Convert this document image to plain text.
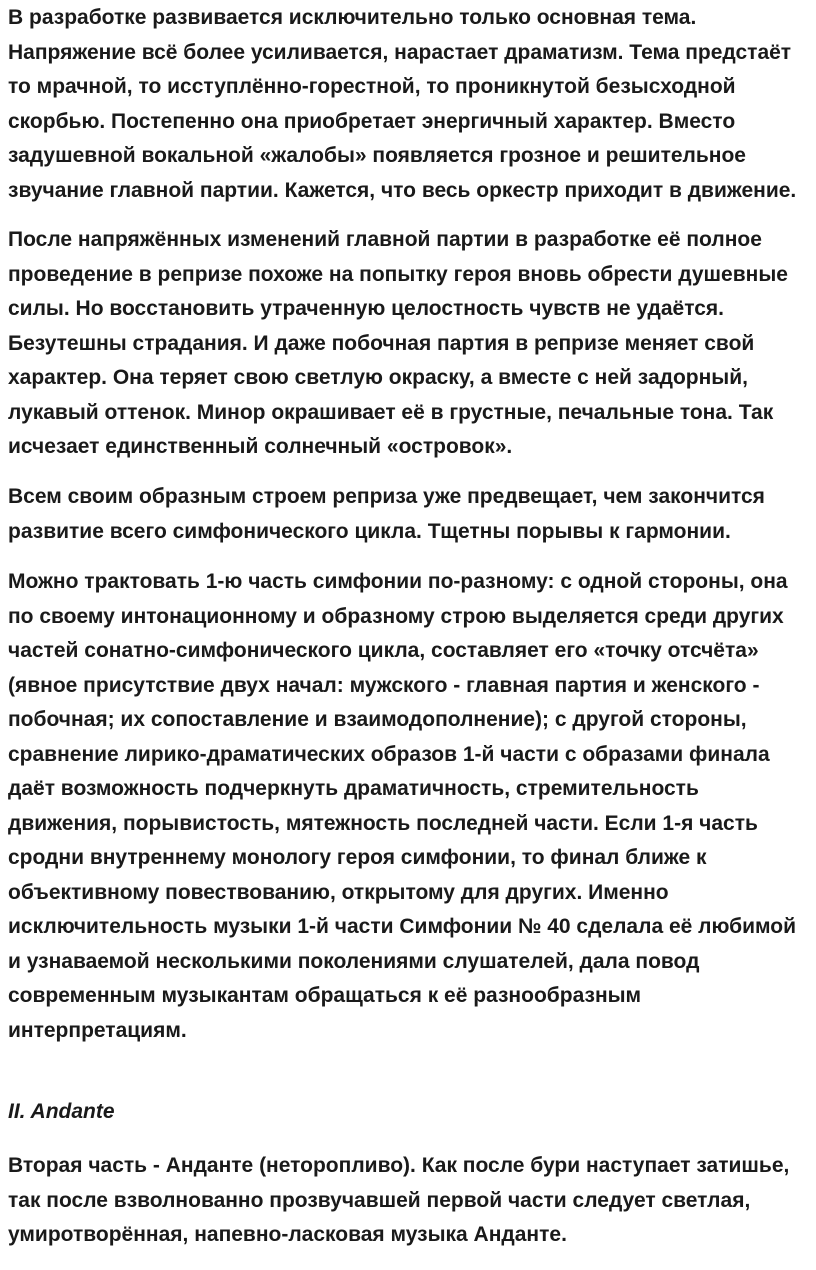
В разработке развивается исключительно только основная тема.
Напряжение всё более усиливается, нарастает драматизм. Тема предстаёт
то мрачной, то исступлённо-горестной, то проникнутой безысходной
скорбью. Постепенно она приобретает энергичный характер. Вместо
задушевной вокальной «жалобы» появляется грозное и решительное
звучание главной партии. Кажется, что весь оркестр приходит в движение.

После напряжённых изменений главной партии в разработке её полное
проведение в репризе похоже на попытку героя вновь обрести душевные
силы. Но восстановить утраченную целостность чувств не удаётся.
Безутешны страдания. И даже побочная партия в репризе меняет свой
характер. Она теряет свою светлую окраску, а вместе с ней задорный,
лукавый оттенок. Минор окрашивает её в грустные, печальные тона. Так
исчезает единственный солнечный «островок».

Всем своим образным строем реприза уже предвещает, чем закончится
развитие всего симфонического цикла. Тщетны порывы к гармонии.

Можно трактовать 1-ю часть симфонии по-разному: с одной стороны, она
по своему интонационному и образному строю выделяется среди других
частей сонатно-симфонического цикла, составляет его «точку отсчёта»
(явное присутствие двух начал: мужского - главная партия и женского -
побочная; их сопоставление и взаимодополнение); с другой стороны,
сравнение лирико-драматических образов 1-й части с образами финала
даёт возможность подчеркнуть драматичность, стремительность
движения, порывистость, мятежность последней части. Если 1-я часть
сродни внутреннему монологу героя симфонии, то финал ближе к
объективному повествованию, открытому для других. Именно
исключительность музыки 1-й части Симфонии № 40 сделала её любимой
и узнаваемой несколькими поколениями слушателей, дала повод
современным музыкантам обращаться к её разнообразным
интерпретациям.

II. Andante

Вторая часть - Анданте (неторопливо). Как после бури наступает затишье,
так после взволнованно прозвучавшей первой части следует светлая,
умиротворённая, напевно-ласковая музыка Анданте.
